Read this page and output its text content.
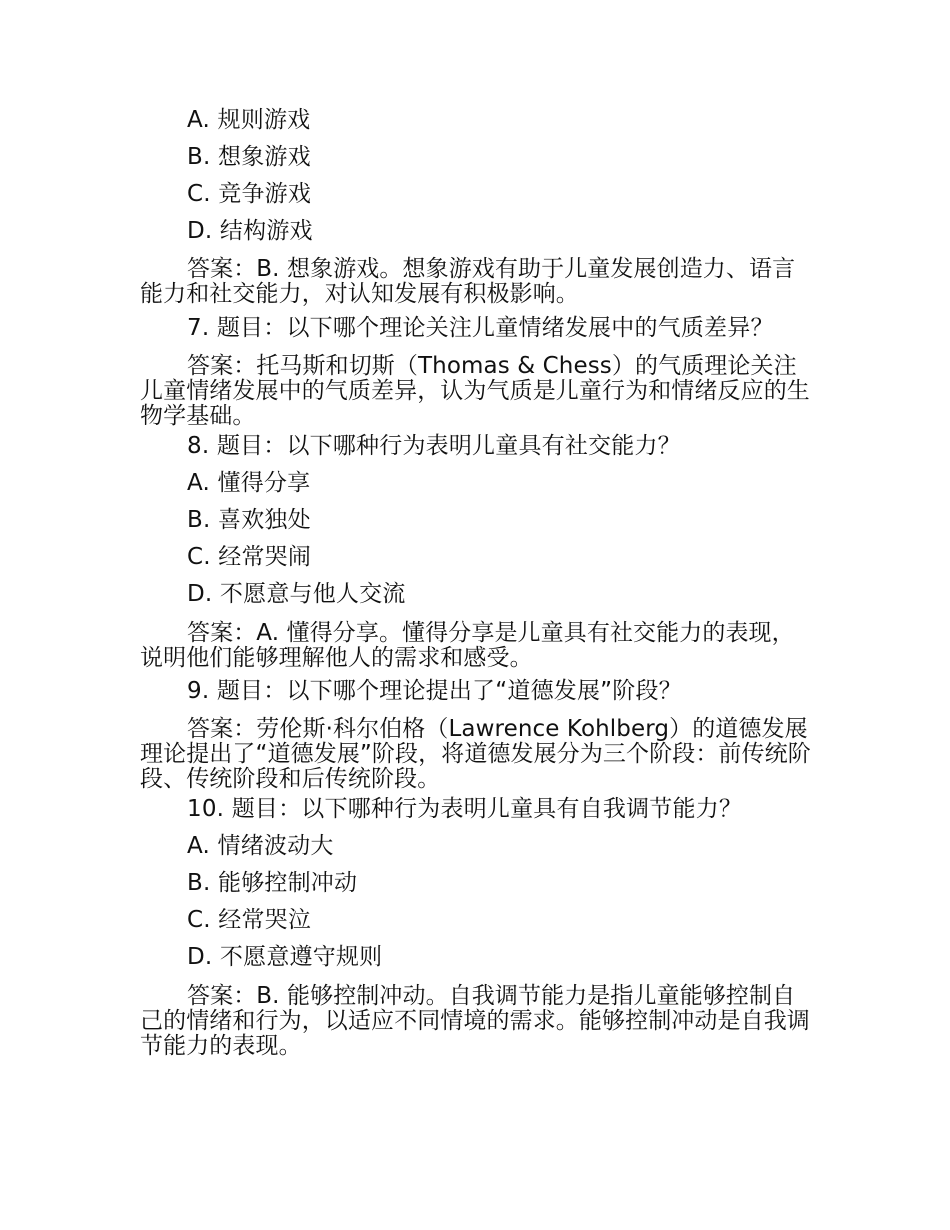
A. 规则游戏
B. 想象游戏
C. 竞争游戏
D. 结构游戏
答案：B. 想象游戏。想象游戏有助于儿童发展创造力、语言能力和社交能力，对认知发展有积极影响。
7. 题目：以下哪个理论关注儿童情绪发展中的气质差异？
答案：托马斯和切斯（Thomas & Chess）的气质理论关注儿童情绪发展中的气质差异，认为气质是儿童行为和情绪反应的生物学基础。
8. 题目：以下哪种行为表明儿童具有社交能力？
A. 懂得分享
B. 喜欢独处
C. 经常哭闹
D. 不愿意与他人交流
答案：A. 懂得分享。懂得分享是儿童具有社交能力的表现，说明他们能够理解他人的需求和感受。
9. 题目：以下哪个理论提出了“道德发展”阶段？
答案：劳伦斯·科尔伯格（Lawrence Kohlberg）的道德发展理论提出了“道德发展”阶段，将道德发展分为三个阶段：前传统阶段、传统阶段和后传统阶段。
10. 题目：以下哪种行为表明儿童具有自我调节能力？
A. 情绪波动大
B. 能够控制冲动
C. 经常哭泣
D. 不愿意遵守规则
答案：B. 能够控制冲动。自我调节能力是指儿童能够控制自己的情绪和行为，以适应不同情境的需求。能够控制冲动是自我调节能力的表现。
